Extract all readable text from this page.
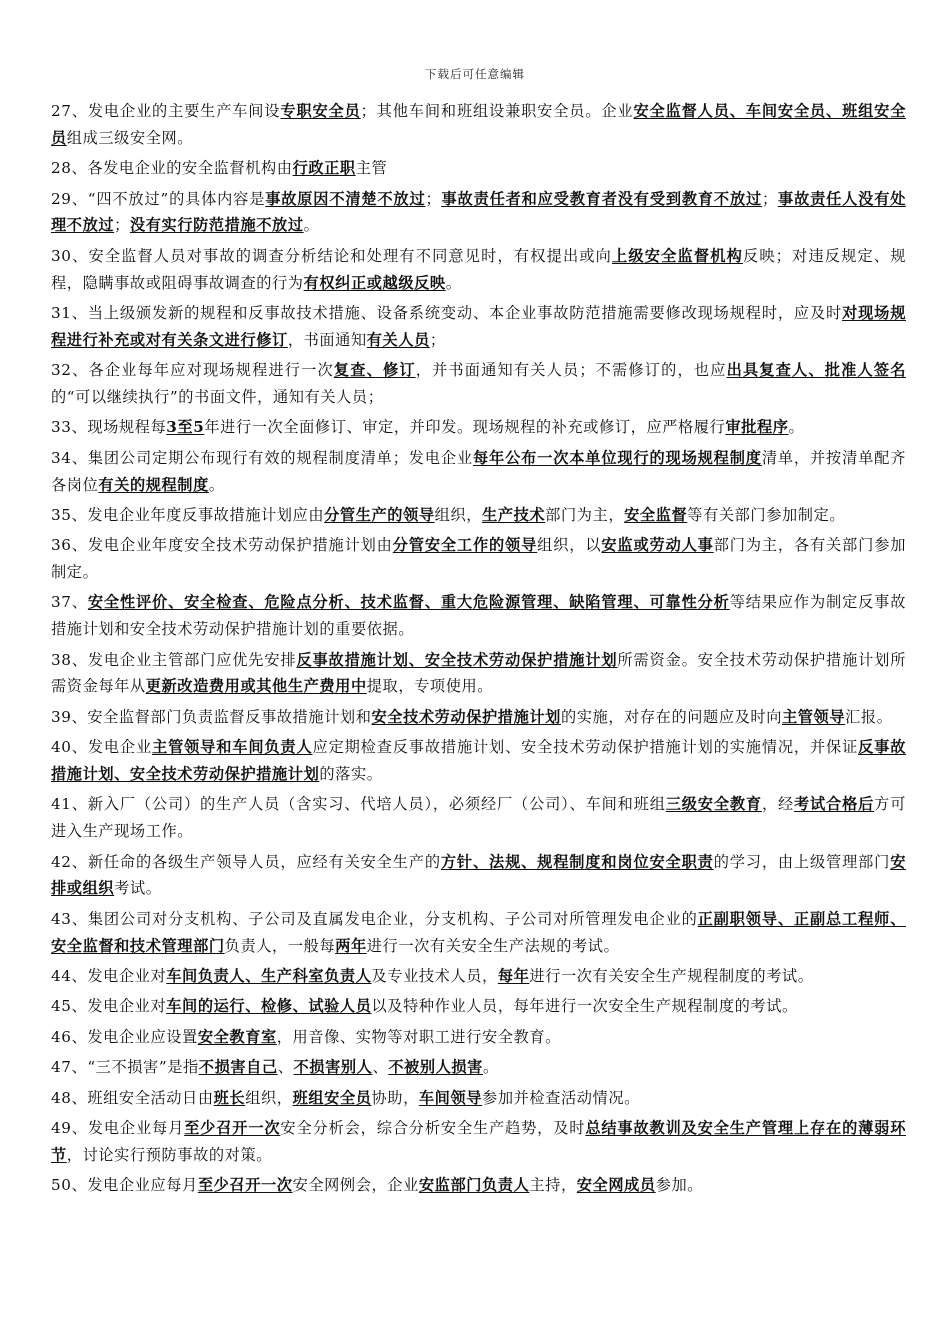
下载后可任意编辑

27、发电企业的主要生产车间设专职安全员；其他车间和班组设兼职安全员。企业安全监督人员、车间安全员、班组安全员组成三级安全网。

28、各发电企业的安全监督机构由行政正职主管

29、“四不放过”的具体内容是事故原因不清楚不放过；事故责任者和应受教育者没有受到教育不放过；事故责任人没有处理不放过；没有实行防范措施不放过。

30、安全监督人员对事故的调查分析结论和处理有不同意见时，有权提出或向上级安全监督机构反映；对违反规定、规程，隐瞒事故或阻碍事故调查的行为有权纠正或越级反映。

31、当上级颁发新的规程和反事故技术措施、设备系统变动、本企业事故防范措施需要修改现场规程时，应及时对现场规程进行补充或对有关条文进行修订，书面通知有关人员；

32、各企业每年应对现场规程进行一次复查、修订，并书面通知有关人员；不需修订的，也应出具复查人、批准人签名的“可以继续执行”的书面文件，通知有关人员；

33、现场规程每3至5年进行一次全面修订、审定，并印发。现场规程的补充或修订，应严格履行审批程序。

34、集团公司定期公布现行有效的规程制度清单；发电企业每年公布一次本单位现行的现场规程制度清单，并按清单配齐各岗位有关的规程制度。

35、发电企业年度反事故措施计划应由分管生产的领导组织，生产技术部门为主，安全监督等有关部门参加制定。

36、发电企业年度安全技术劳动保护措施计划由分管安全工作的领导组织，以安监或劳动人事部门为主，各有关部门参加制定。

37、安全性评价、安全检查、危险点分析、技术监督、重大危险源管理、缺陷管理、可靠性分析等结果应作为制定反事故措施计划和安全技术劳动保护措施计划的重要依据。

38、发电企业主管部门应优先安排反事故措施计划、安全技术劳动保护措施计划所需资金。安全技术劳动保护措施计划所需资金每年从更新改造费用或其他生产费用中提取，专项使用。

39、安全监督部门负责监督反事故措施计划和安全技术劳动保护措施计划的实施，对存在的问题应及时向主管领导汇报。

40、发电企业主管领导和车间负责人应定期检查反事故措施计划、安全技术劳动保护措施计划的实施情况，并保证反事故措施计划、安全技术劳动保护措施计划的落实。

41、新入厂（公司）的生产人员（含实习、代培人员），必须经厂（公司）、车间和班组三级安全教育，经考试合格后方可进入生产现场工作。

42、新任命的各级生产领导人员，应经有关安全生产的方针、法规、规程制度和岗位安全职责的学习，由上级管理部门安排或组织考试。

43、集团公司对分支机构、子公司及直属发电企业，分支机构、子公司对所管理发电企业的正副职领导、正副总工程师、安全监督和技术管理部门负责人，一般每两年进行一次有关安全生产法规的考试。

44、发电企业对车间负责人、生产科室负责人及专业技术人员，每年进行一次有关安全生产规程制度的考试。

45、发电企业对车间的运行、检修、试验人员以及特种作业人员，每年进行一次安全生产规程制度的考试。

46、发电企业应设置安全教育室，用音像、实物等对职工进行安全教育。

47、“三不损害”是指不损害自己、不损害别人、不被别人损害。

48、班组安全活动日由班长组织，班组安全员协助，车间领导参加并检查活动情况。

49、发电企业每月至少召开一次安全分析会，综合分析安全生产趋势，及时总结事故教训及安全生产管理上存在的薄弱环节，讨论实行预防事故的对策。

50、发电企业应每月至少召开一次安全网例会，企业安监部门负责人主持，安全网成员参加。
